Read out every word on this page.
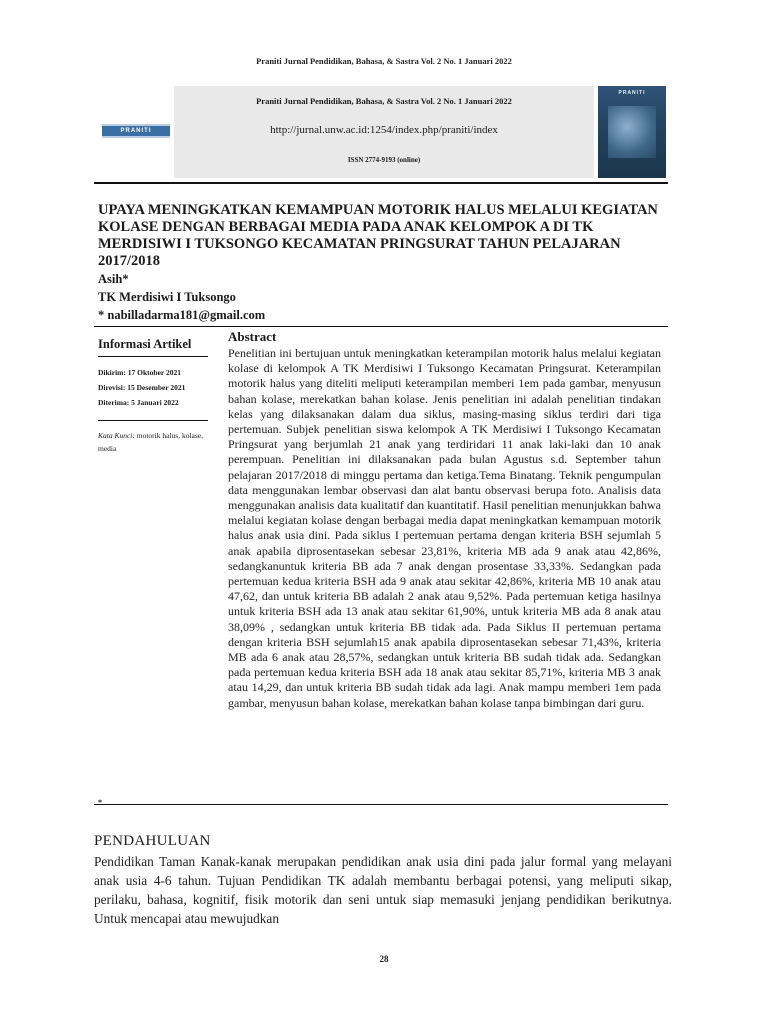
Praniti Jurnal Pendidikan, Bahasa, & Sastra Vol. 2 No. 1 Januari 2022
PRANITI
Praniti Jurnal Pendidikan, Bahasa, & Sastra Vol. 2 No. 1 Januari 2022
http://jurnal.unw.ac.id:1254/index.php/praniti/index
ISSN 2774-9193 (online)
PRANITI
UPAYA MENINGKATKAN KEMAMPUAN MOTORIK HALUS MELALUI KEGIATAN KOLASE DENGAN BERBAGAI MEDIA PADA ANAK KELOMPOK A DI TK MERDISIWI I TUKSONGO KECAMATAN PRINGSURAT TAHUN PELAJARAN 2017/2018
Asih*
TK Merdisiwi I Tuksongo
* nabilladarma181@gmail.com
Informasi Artikel
Dikirim: 17 Oktober 2021
Direvisi: 15 Desember 2021
Diterima: 5 Januari 2022
Kata Kunci: motorik halus, kolase, media
Abstract

Penelitian ini bertujuan untuk meningkatkan keterampilan motorik halus melalui kegiatan kolase di kelompok A TK Merdisiwi I Tuksongo Kecamatan Pringsurat. Keterampilan motorik halus yang diteliti meliputi keterampilan memberi 1em pada gambar, menyusun bahan kolase, merekatkan bahan kolase. Jenis penelitian ini adalah penelitian tindakan kelas yang dilaksanakan dalam dua siklus, masing-masing siklus terdiri dari tiga pertemuan. Subjek penelitian siswa kelompok A TK Merdisiwi I Tuksongo Kecamatan Pringsurat yang berjumlah 21 anak yang terdiridari 11 anak laki-laki dan 10 anak perempuan. Penelitian ini dilaksanakan pada bulan Agustus s.d. September tahun pelajaran 2017/2018 di minggu pertama dan ketiga.Tema Binatang. Teknik pengumpulan data menggunakan lembar observasi dan alat bantu observasi berupa foto. Analisis data menggunakan analisis data kualitatif dan kuantitatif. Hasil penelitian menunjukkan bahwa melalui kegiatan kolase dengan berbagai media dapat meningkatkan kemampuan motorik halus anak usia dini. Pada siklus I pertemuan pertama dengan kriteria BSH sejumlah 5 anak apabila diprosentasekan sebesar 23,81%, kriteria MB ada 9 anak atau 42,86%, sedangkanuntuk kriteria BB ada 7 anak dengan prosentase 33,33%. Sedangkan pada pertemuan kedua kriteria BSH ada 9 anak atau sekitar 42,86%, kriteria MB 10 anak atau 47,62, dan untuk kriteria BB adalah 2 anak atau 9,52%. Pada pertemuan ketiga hasilnya untuk kriteria BSH ada 13 anak atau sekitar 61,90%, untuk kriteria MB ada 8 anak atau 38,09% , sedangkan untuk kriteria BB tidak ada. Pada Siklus II pertemuan pertama dengan kriteria BSH sejumlah15 anak apabila diprosentasekan sebesar 71,43%, kriteria MB ada 6 anak atau 28,57%, sedangkan untuk kriteria BB sudah tidak ada. Sedangkan pada pertemuan kedua kriteria BSH ada 18 anak atau sekitar 85,71%, kriteria MB 3 anak atau 14,29, dan untuk kriteria BB sudah tidak ada lagi. Anak mampu memberi 1em pada gambar, menyusun bahan kolase, merekatkan bahan kolase tanpa bimbingan dari guru.

*
PENDAHULUAN

Pendidikan Taman Kanak-kanak merupakan pendidikan anak usia dini pada jalur formal yang melayani anak usia 4-6 tahun. Tujuan Pendidikan TK adalah membantu berbagai potensi, yang meliputi sikap, perilaku, bahasa, kognitif, fisik motorik dan seni untuk siap memasuki jenjang pendidikan berikutnya. Untuk mencapai atau mewujudkan

28
